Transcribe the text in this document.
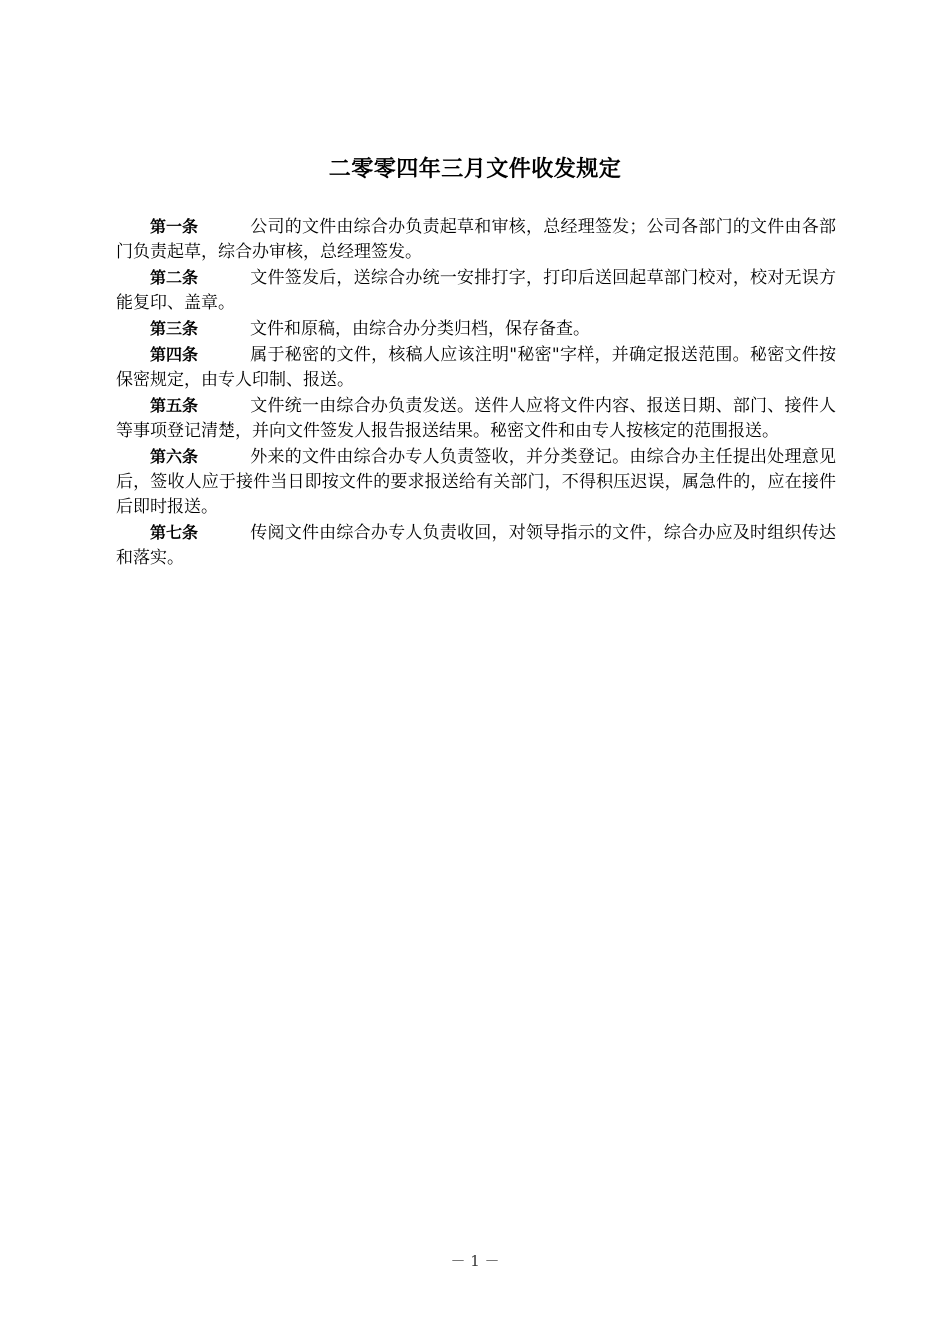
二零零四年三月文件收发规定

第一条	公司的文件由综合办负责起草和审核，总经理签发；公司各部门的文件由各部门负责起草，综合办审核，总经理签发。

第二条	文件签发后，送综合办统一安排打字，打印后送回起草部门校对，校对无误方能复印、盖章。

第三条	文件和原稿，由综合办分类归档，保存备查。

第四条	属于秘密的文件，核稿人应该注明"秘密"字样，并确定报送范围。秘密文件按保密规定，由专人印制、报送。

第五条	文件统一由综合办负责发送。送件人应将文件内容、报送日期、部门、接件人等事项登记清楚，并向文件签发人报告报送结果。秘密文件和由专人按核定的范围报送。

第六条	外来的文件由综合办专人负责签收，并分类登记。由综合办主任提出处理意见后，签收人应于接件当日即按文件的要求报送给有关部门，不得积压迟误，属急件的，应在接件后即时报送。

第七条	传阅文件由综合办专人负责收回，对领导指示的文件，综合办应及时组织传达和落实。

－ 1 －
